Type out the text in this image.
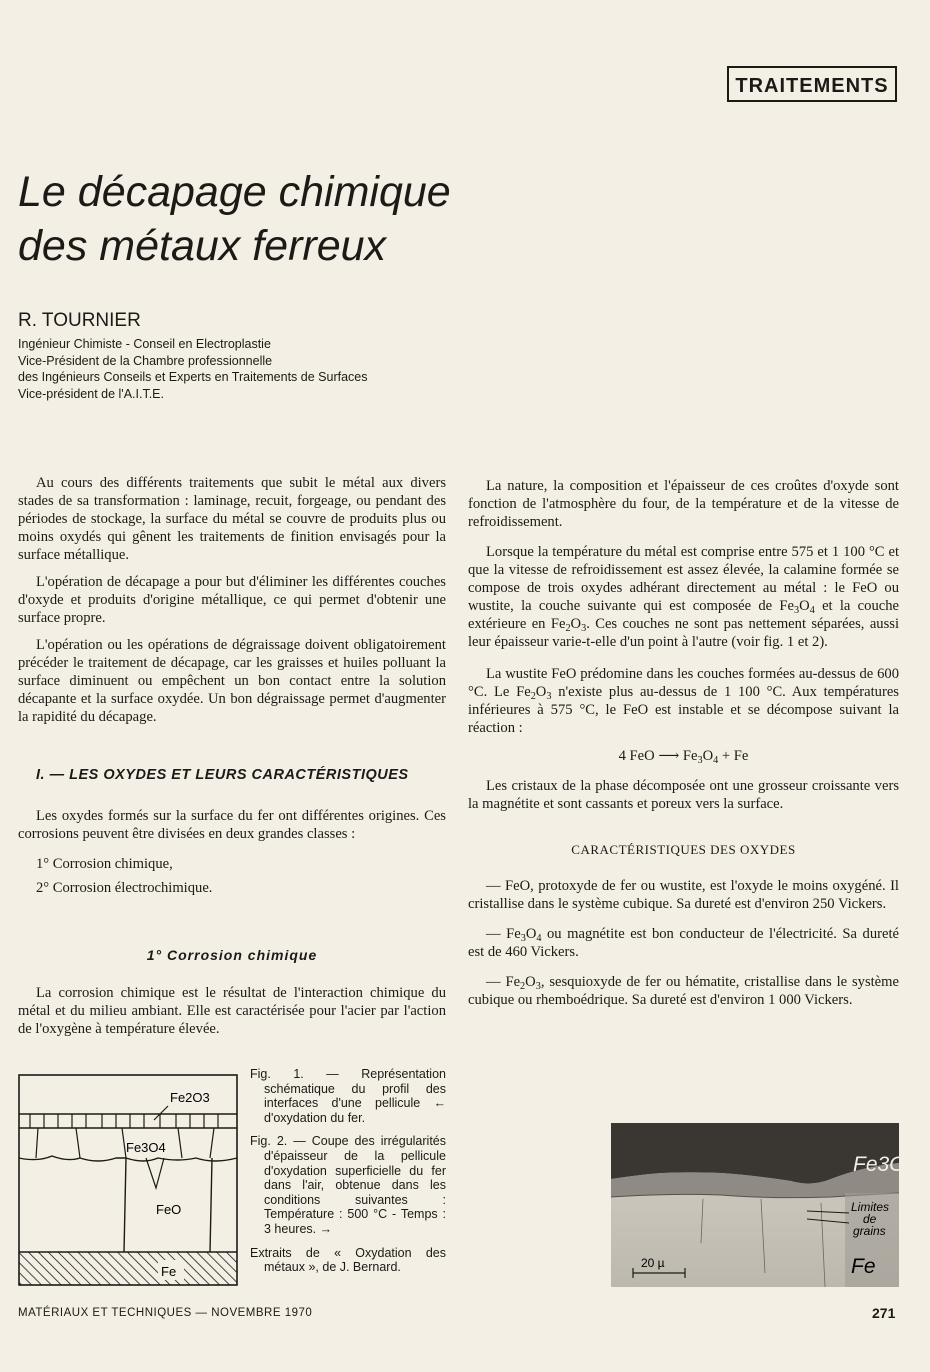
TRAITEMENTS
Le décapage chimique
des métaux ferreux
R. TOURNIER
Ingénieur Chimiste - Conseil en Electroplastie
Vice-Président de la Chambre professionnelle
des Ingénieurs Conseils et Experts en Traitements de Surfaces
Vice-président de l'A.I.T.E.

Au cours des différents traitements que subit le métal aux divers stades de sa transformation : laminage, recuit, forgeage, ou pendant des périodes de stockage, la surface du métal se couvre de produits plus ou moins oxydés qui gênent les traitements de finition envisagés pour la surface métallique.

L'opération de décapage a pour but d'éliminer les différentes couches d'oxyde et produits d'origine métallique, ce qui permet d'obtenir une surface propre.

L'opération ou les opérations de dégraissage doivent obligatoirement précéder le traitement de décapage, car les graisses et huiles polluant la surface diminuent ou empêchent un bon contact entre la solution décapante et la surface oxydée. Un bon dégraissage permet d'augmenter la rapidité du décapage.

I. — LES OXYDES ET LEURS CARACTÉRISTIQUES

Les oxydes formés sur la surface du fer ont différentes origines. Ces corrosions peuvent être divisées en deux grandes classes :

1° Corrosion chimique,

2° Corrosion électrochimique.

1° Corrosion chimique

La corrosion chimique est le résultat de l'interaction chimique du métal et du milieu ambiant. Elle est caractérisée pour l'acier par l'action de l'oxygène à température élevée.

Fe2O3
Fe3O4
FeO
Fe

Fig. 1. — Représentation schématique du profil des interfaces d'une pellicule ← d'oxydation du fer.

Fig. 2. — Coupe des irrégularités d'épaisseur de la pellicule d'oxydation superficielle du fer dans l'air, obtenue dans les conditions suivantes : Température : 500 °C - Temps : 3 heures. →

Extraits de « Oxydation des métaux », de J. Bernard.

La nature, la composition et l'épaisseur de ces croûtes d'oxyde sont fonction de l'atmosphère du four, de la température et de la vitesse de refroidissement.

Lorsque la température du métal est comprise entre 575 et 1 100 °C et que la vitesse de refroidissement est assez élevée, la calamine formée se compose de trois oxydes adhérant directement au métal : le FeO ou wustite, la couche suivante qui est composée de $Fe_3O_4$ et la couche extérieure en $Fe_2O_3$. Ces couches ne sont pas nettement séparées, aussi leur épaisseur varie-t-elle d'un point à l'autre (voir fig. 1 et 2).

La wustite FeO prédomine dans les couches formées au-dessus de 600 °C. Le $Fe_2O_3$ n'existe plus au-dessus de 1 100 °C. Aux températures inférieures à 575 °C, le FeO est instable et se décompose suivant la réaction :

4 FeO ⟶ $Fe_3O_4 + Fe$

Les cristaux de la phase décomposée ont une grosseur croissante vers la magnétite et sont cassants et poreux vers la surface.

CARACTÉRISTIQUES DES OXYDES

— FeO, protoxyde de fer ou wustite, est l'oxyde le moins oxygéné. Il cristallise dans le système cubique. Sa dureté est d'environ 250 Vickers.

— $Fe_3O_4$ ou magnétite est bon conducteur de l'électricité. Sa dureté est de 460 Vickers.

— $Fe_2O_3$, sesquioxyde de fer ou hématite, cristallise dans le système cubique ou rhemboédrique. Sa dureté est d'environ 1 000 Vickers.

20 µ
Fe3O4
Limites
de
grains
Fe
MATÉRIAUX ET TECHNIQUES — NOVEMBRE 1970	271
